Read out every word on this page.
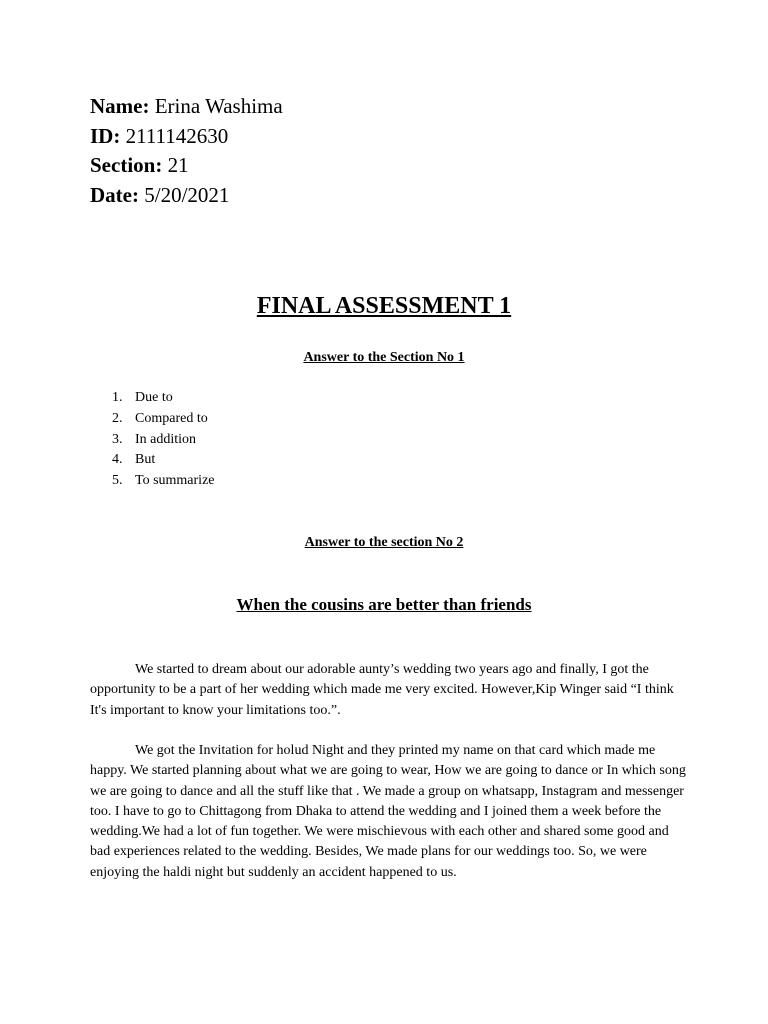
Name: Erina Washima
ID: 2111142630
Section: 21
Date: 5/20/2021
FINAL ASSESSMENT 1
Answer to the Section No 1
1. Due to
2. Compared to
3. In addition
4. But
5. To summarize
Answer to the section No 2
When the cousins are better than friends

We started to dream about our adorable aunty’s wedding two years ago and finally, I got the opportunity to be a part of her wedding which made me very excited. However,Kip Winger said “I think It's important to know your limitations too.”.

We got the Invitation for holud Night and they printed my name on that card which made me happy. We started planning about what we are going to wear, How we are going to dance or In which song we are going to dance and all the stuff like that . We made a group on whatsapp, Instagram and messenger too. I have to go to Chittagong from Dhaka to attend the wedding and I joined them a week before the wedding.We had a lot of fun together. We were mischievous with each other and shared some good and bad experiences related to the wedding. Besides, We made plans for our weddings too. So, we were enjoying the haldi night but suddenly an accident happened to us.
